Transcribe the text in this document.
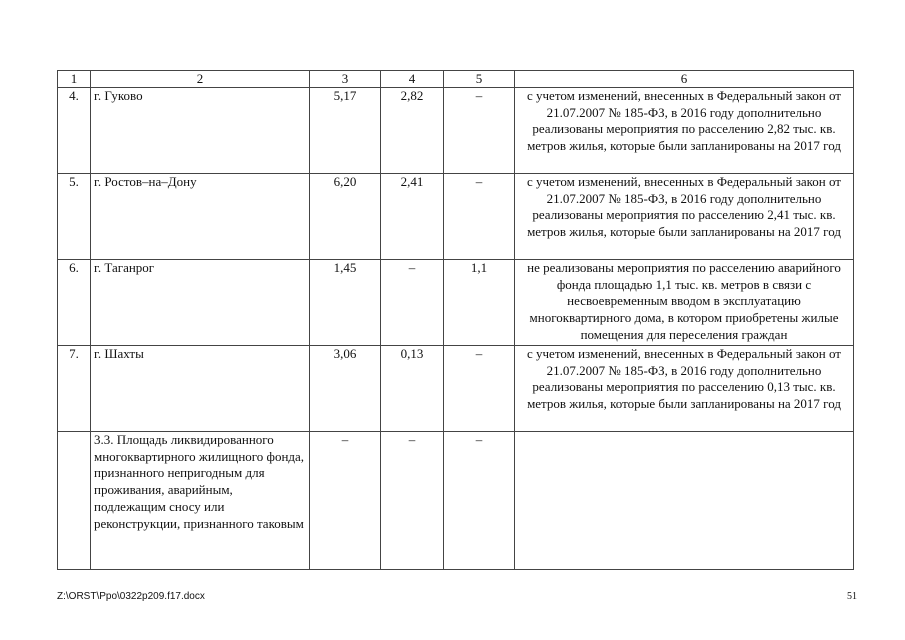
1	2	3	4	5	6
4.	г. Гуково	5,17	2,82	–	с учетом изменений, внесенных в Федеральный закон от 21.07.2007 № 185-ФЗ, в 2016 году дополнительно реализованы мероприятия по расселению 2,82 тыс. кв. метров жилья, которые были запланированы на 2017 год
5.	г. Ростов–на–Дону	6,20	2,41	–	с учетом изменений, внесенных в Федеральный закон от 21.07.2007 № 185-ФЗ, в 2016 году дополнительно реализованы мероприятия по расселению 2,41 тыс. кв. метров жилья, которые были запланированы на 2017 год
6.	г. Таганрог	1,45	–	1,1	не реализованы мероприятия по расселению аварийного фонда площадью 1,1 тыс. кв. метров в связи с несвоевременным вводом в эксплуатацию многоквартирного дома, в котором приобретены жилые помещения для переселения граждан
7.	г. Шахты	3,06	0,13	–	с учетом изменений, внесенных в Федеральный закон от 21.07.2007 № 185-ФЗ, в 2016 году дополнительно реализованы мероприятия по расселению 0,13 тыс. кв. метров жилья, которые были запланированы на 2017 год
	3.3. Площадь ликвидированного многоквартирного жилищного фонда, признанного непригодным для проживания, аварийным, подлежащим сносу или реконструкции, признанного таковым	–	–	–	
Z:\ORST\Ppo\0322p209.f17.docx	51
